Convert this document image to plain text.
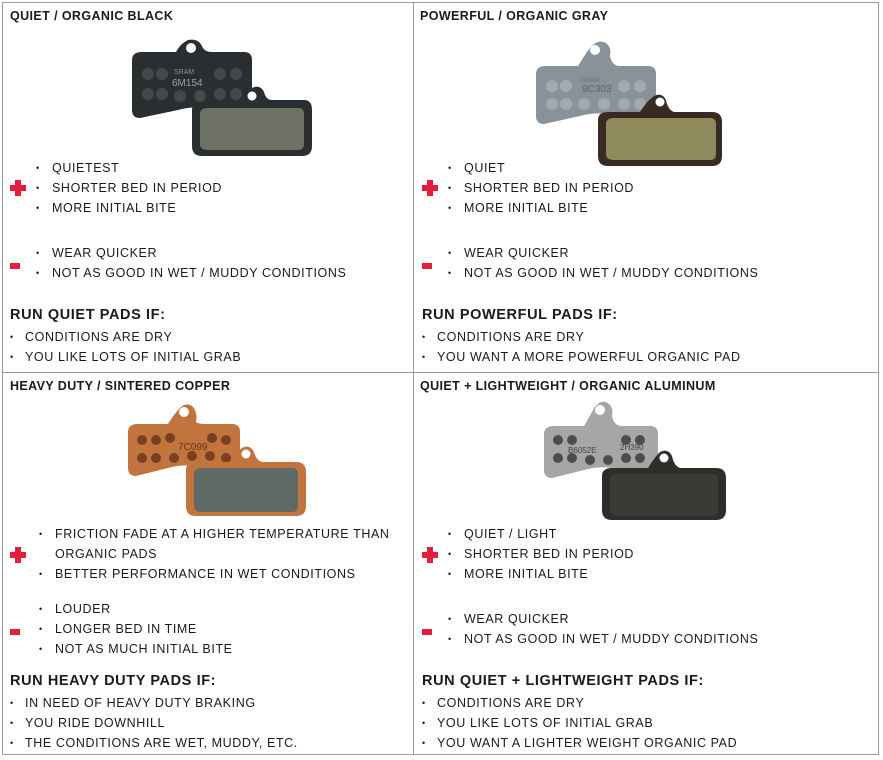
QUIET / ORGANIC BLACK
SRAM
6M154
• QUIETEST
• SHORTER BED IN PERIOD
• MORE INITIAL BITE
• WEAR QUICKER
• NOT AS GOOD IN WET / MUDDY CONDITIONS
RUN QUIET PADS IF:
• CONDITIONS ARE DRY
• YOU LIKE LOTS OF INITIAL GRAB
POWERFUL / ORGANIC GRAY
SRAM
9C303
• QUIET
• SHORTER BED IN PERIOD
• MORE INITIAL BITE
• WEAR QUICKER
• NOT AS GOOD IN WET / MUDDY CONDITIONS
RUN POWERFUL PADS IF:
• CONDITIONS ARE DRY
• YOU WANT A MORE POWERFUL ORGANIC PAD
HEAVY DUTY / SINTERED COPPER
7C099
• FRICTION FADE AT A HIGHER TEMPERATURE THAN
ORGANIC PADS
• BETTER PERFORMANCE IN WET CONDITIONS
• LOUDER
• LONGER BED IN TIME
• NOT AS MUCH INITIAL BITE
RUN HEAVY DUTY PADS IF:
• IN NEED OF HEAVY DUTY BRAKING
• YOU RIDE DOWNHILL
• THE CONDITIONS ARE WET, MUDDY, ETC.
QUIET + LIGHTWEIGHT / ORGANIC ALUMINUM
B6052E	2H390
• QUIET / LIGHT
• SHORTER BED IN PERIOD
• MORE INITIAL BITE
• WEAR QUICKER
• NOT AS GOOD IN WET / MUDDY CONDITIONS
RUN QUIET + LIGHTWEIGHT PADS IF:
• CONDITIONS ARE DRY
• YOU LIKE LOTS OF INITIAL GRAB
• YOU WANT A LIGHTER WEIGHT ORGANIC PAD
